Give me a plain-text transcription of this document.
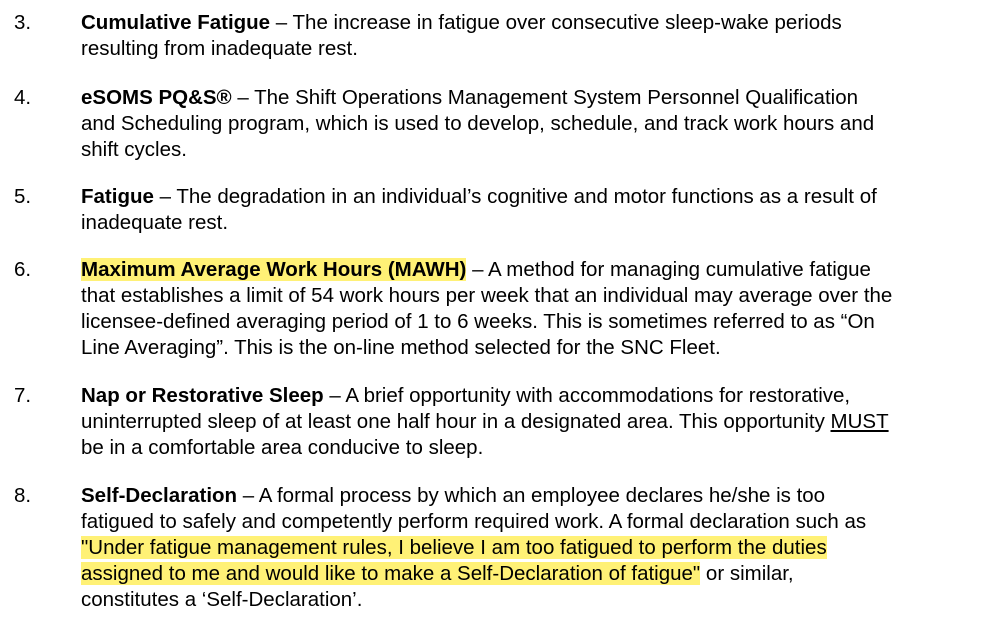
3. Cumulative Fatigue – The increase in fatigue over consecutive sleep-wake periods
resulting from inadequate rest.
4. eSOMS PQ&S® – The Shift Operations Management System Personnel Qualification
and Scheduling program, which is used to develop, schedule, and track work hours and
shift cycles.
5. Fatigue – The degradation in an individual’s cognitive and motor functions as a result of
inadequate rest.
6. Maximum Average Work Hours (MAWH) – A method for managing cumulative fatigue
that establishes a limit of 54 work hours per week that an individual may average over the
licensee-defined averaging period of 1 to 6 weeks. This is sometimes referred to as “On
Line Averaging”. This is the on-line method selected for the SNC Fleet.
7. Nap or Restorative Sleep – A brief opportunity with accommodations for restorative,
uninterrupted sleep of at least one half hour in a designated area. This opportunity MUST
be in a comfortable area conducive to sleep.
8. Self-Declaration – A formal process by which an employee declares he/she is too
fatigued to safely and competently perform required work. A formal declaration such as
"Under fatigue management rules, I believe I am too fatigued to perform the duties
assigned to me and would like to make a Self-Declaration of fatigue" or similar,
constitutes a ‘Self-Declaration’.
